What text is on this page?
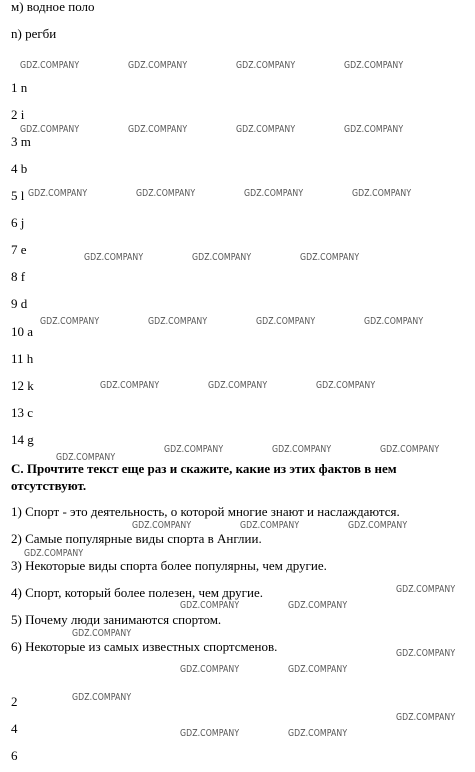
м) водное поло
n) регби
1 n
2 i
3 m
4 b
5 l
6 j
7 e
8 f
9 d
10 a
11 h
12 k
13 c
14 g
C. Прочтите текст еще раз и скажите, какие из этих фактов в нем отсутствуют.
1) Спорт - это деятельность, о которой многие знают и наслаждаются.
2) Самые популярные виды спорта в Англии.
3) Некоторые виды спорта более популярны, чем другие.
4) Спорт, который более полезен, чем другие.
5) Почему люди занимаются спортом.
6) Некоторые из самых известных спортсменов.
2
4
6
GDZ.COMPANY	GDZ.COMPANY	GDZ.COMPANY	GDZ.COMPANY
GDZ.COMPANY	GDZ.COMPANY	GDZ.COMPANY	GDZ.COMPANY
GDZ.COMPANY	GDZ.COMPANY	GDZ.COMPANY	GDZ.COMPANY
GDZ.COMPANY	GDZ.COMPANY	GDZ.COMPANY
GDZ.COMPANY	GDZ.COMPANY	GDZ.COMPANY	GDZ.COMPANY
GDZ.COMPANY	GDZ.COMPANY	GDZ.COMPANY
GDZ.COMPANY	GDZ.COMPANY	GDZ.COMPANY
GDZ.COMPANY
GDZ.COMPANY	GDZ.COMPANY	GDZ.COMPANY
GDZ.COMPANY
GDZ.COMPANY
GDZ.COMPANY	GDZ.COMPANY
GDZ.COMPANY
GDZ.COMPANY
GDZ.COMPANY	GDZ.COMPANY
GDZ.COMPANY
GDZ.COMPANY
GDZ.COMPANY	GDZ.COMPANY
